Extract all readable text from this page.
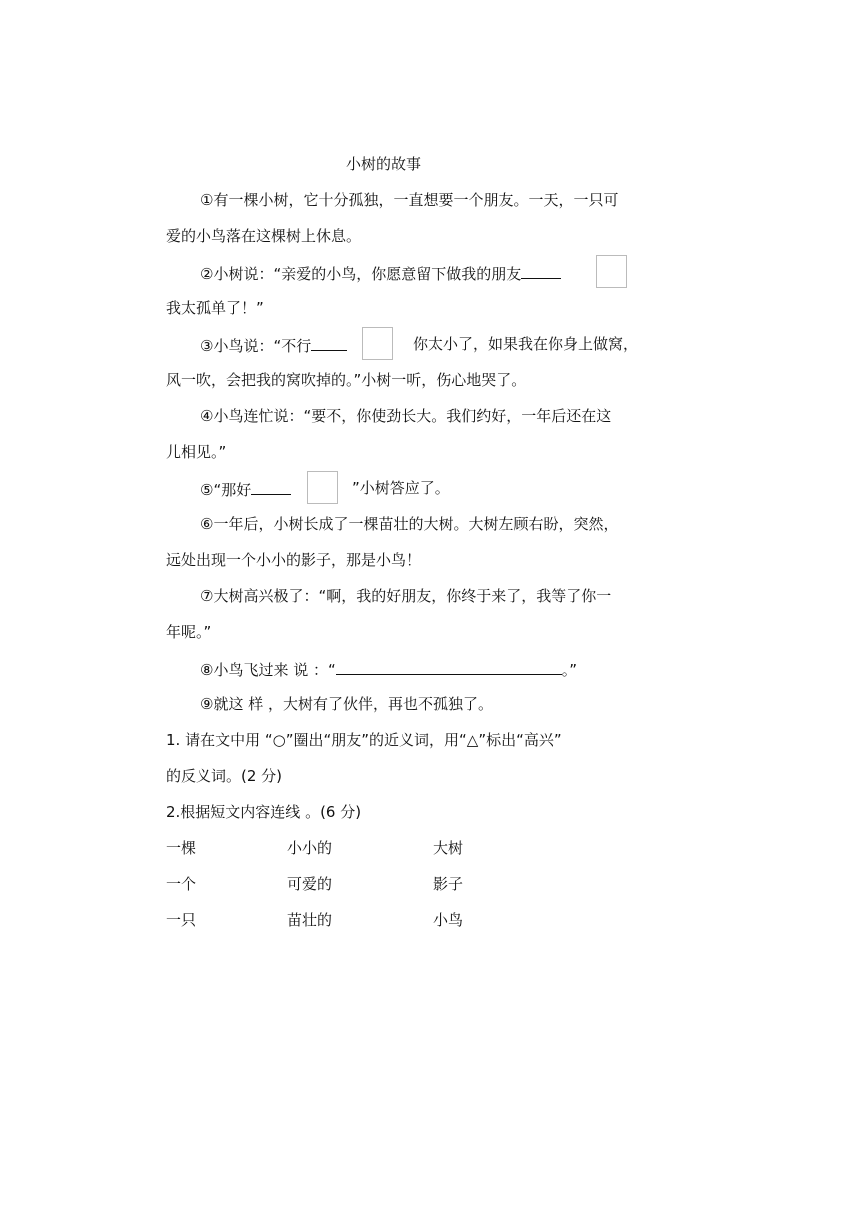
小树的故事
①有一棵小树，它十分孤独，一直想要一个朋友。一天，一只可
爱的小鸟落在这棵树上休息。
②小树说：“亲爱的小鸟，你愿意留下做我的朋友
我太孤单了！”
③小鸟说：“不行	你太小了，如果我在你身上做窝，
风一吹，会把我的窝吹掉的。”小树一听，伤心地哭了。
④小鸟连忙说：“要不，你使劲长大。我们约好，一年后还在这
儿相见。”
⑤“那好	”小树答应了。
⑥一年后，小树长成了一棵苗壮的大树。大树左顾右盼，突然，
远处出现一个小小的影子，那是小鸟！
⑦大树高兴极了：“啊，我的好朋友，你终于来了，我等了你一
年呢。”
⑧小鸟飞过来 说 ：“	。”
⑨就这 样 ，大树有了伙伴，再也不孤独了。
1. 请在文中用 “○”圈出“朋友”的近义词，用“△”标出“高兴”
的反义词。(2 分)
2.根据短文内容连线 。(6 分)
一棵	小小的	大树
一个	可爱的	影子
一只	苗壮的	小鸟
